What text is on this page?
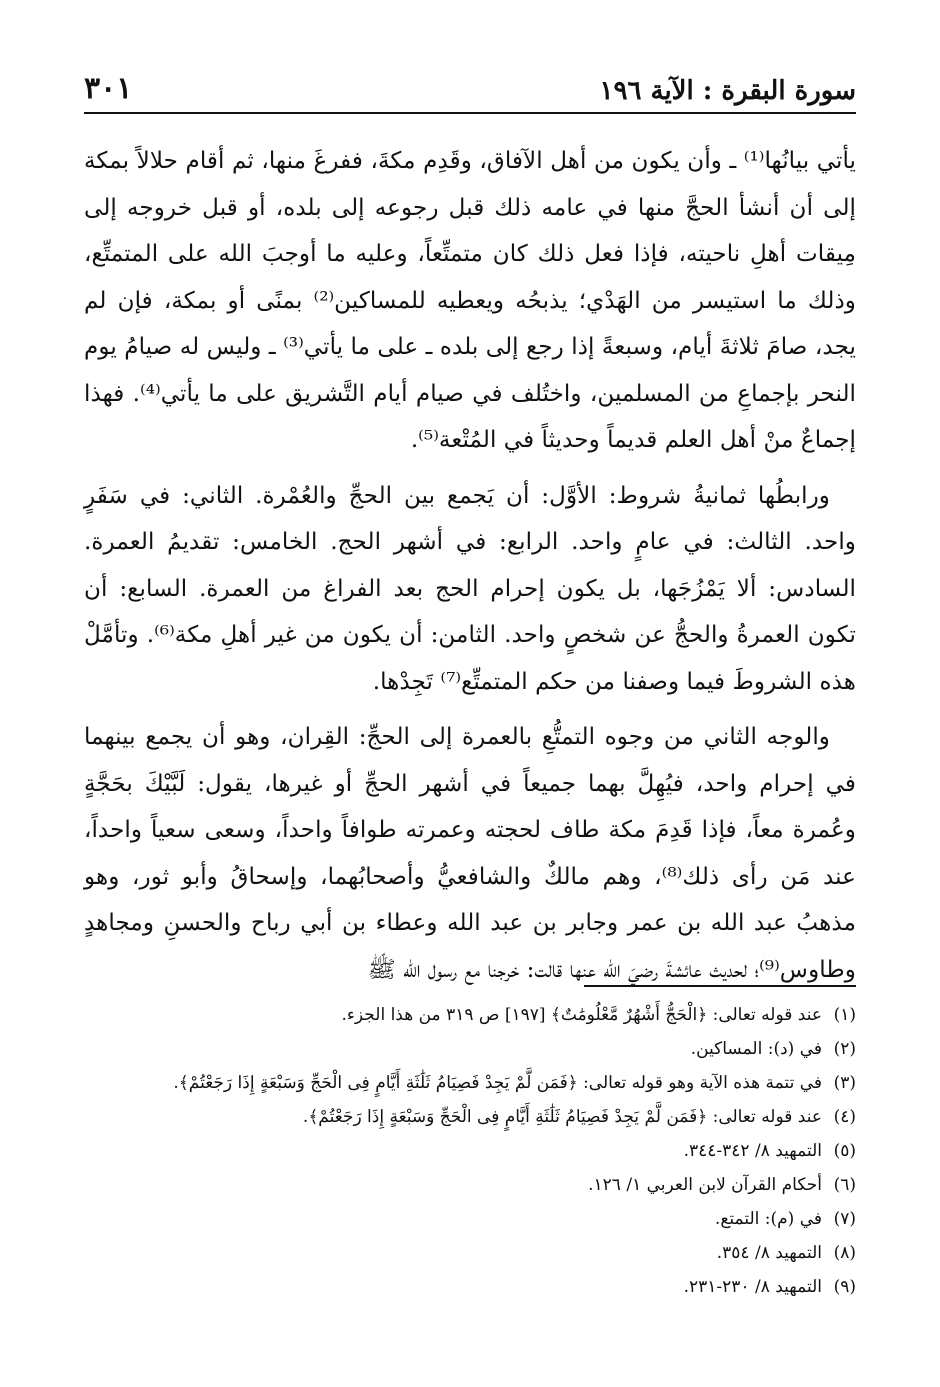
سورة البقرة : الآية ١٩٦
٣٠١

يأتي بيانُها⁽¹⁾ ـ وأن يكون من أهل الآفاق، وقَدِم مكةَ، ففرغَ منها، ثم أقام حلالاً بمكة إلى أن أنشأ الحجَّ منها في عامه ذلك قبل رجوعه إلى بلده، أو قبل خروجه إلى مِيقات أهلِ ناحيته، فإذا فعل ذلك كان متمتِّعاً، وعليه ما أوجبَ الله على المتمتِّع، وذلك ما استيسر من الهَدْي؛ يذبحُه ويعطيه للمساكين⁽²⁾ بمنًى أو بمكة، فإن لم يجد، صامَ ثلاثةَ أيام، وسبعةً إذا رجع إلى بلده ـ على ما يأتي⁽³⁾ ـ وليس له صيامُ يوم النحر بإجماعِ من المسلمين، واختُلف في صيام أيام التَّشريق على ما يأتي⁽⁴⁾. فهذا إجماعٌ منْ أهل العلم قديماً وحديثاً في المُتْعة⁽⁵⁾.

ورابطُها ثمانيةُ شروط: الأوَّل: أن يَجمع بين الحجِّ والعُمْرة. الثاني: في سَفَرٍ واحد. الثالث: في عامٍ واحد. الرابع: في أشهر الحج. الخامس: تقديمُ العمرة. السادس: ألا يَمْزُجَها، بل يكون إحرام الحج بعد الفراغ من العمرة. السابع: أن تكون العمرةُ والحجُّ عن شخصٍ واحد. الثامن: أن يكون من غير أهلِ مكة⁽⁶⁾. وتأمَّلْ هذه الشروطَ فيما وصفنا من حكم المتمتِّع⁽⁷⁾ تَجِدْها.

والوجه الثاني من وجوه التمتُّعِ بالعمرة إلى الحجِّ: القِران، وهو أن يجمع بينهما في إحرام واحد، فيُهِلَّ بهما جميعاً في أشهر الحجِّ أو غيرها، يقول: لَبَّيْكَ بحَجَّةٍ وعُمرة معاً، فإذا قَدِمَ مكة طاف لحجته وعمرته طوافاً واحداً، وسعى سعياً واحداً، عند مَن رأى ذلك⁽⁸⁾، وهم مالكٌ والشافعيُّ وأصحابُهما، وإسحاقُ وأبو ثور، وهو مذهبُ عبد الله بن عمر وجابر بن عبد الله وعطاء بن أبي رباح والحسنِ ومجاهدٍ وطاوس⁽⁹⁾؛ لحديث عائشةَ رضيَ الله عنها قالت: خرجنا مع رسول الله ﷺ

(١)
عند قوله تعالى: ﴿الْحَجُّ أَشْهُرٌ مَّعْلُومَٰتٌ﴾ [١٩٧] ص ٣١٩ من هذا الجزء.
(٢)
في (د): المساكين.
(٣)
في تتمة هذه الآية وهو قوله تعالى: ﴿فَمَن لَّمْ يَجِدْ فَصِيَامُ ثَلَٰثَةِ أَيَّامٍ فِى الْحَجِّ وَسَبْعَةٍ إِذَا رَجَعْتُمْ﴾.
(٤)
عند قوله تعالى: ﴿فَمَن لَّمْ يَجِدْ فَصِيَامُ ثَلَٰثَةِ أَيَّامٍ فِى الْحَجِّ وَسَبْعَةٍ إِذَا رَجَعْتُمْ﴾.
(٥)
التمهيد ٨/ ٣٤٢-٣٤٤.
(٦)
أحكام القرآن لابن العربي ١/ ١٢٦.
(٧)
في (م): التمتع.
(٨)
التمهيد ٨/ ٣٥٤.
(٩)
التمهيد ٨/ ٢٣٠-٢٣١.
